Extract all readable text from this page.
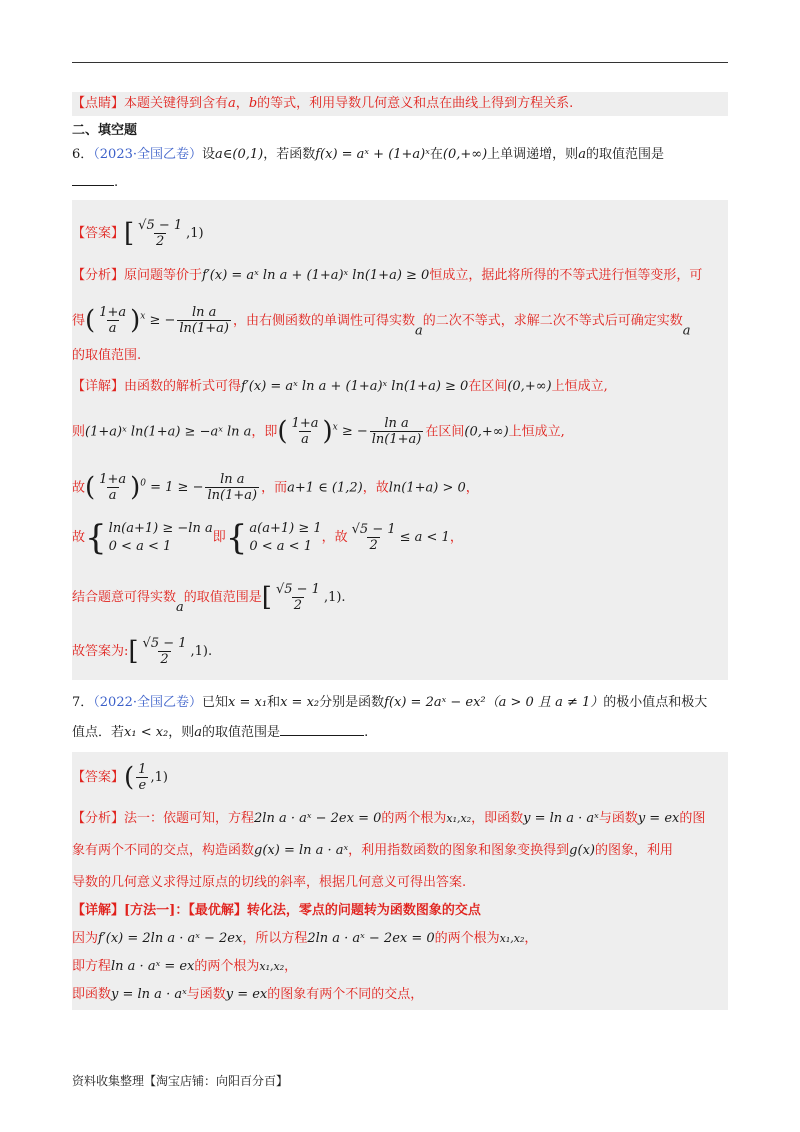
【点睛】本题关键得到含有a，b的等式，利用导数几何意义和点在曲线上得到方程关系.
二、填空题
6．（2023·全国乙卷）设a∈(0,1)，若函数f(x) = aˣ + (1+a)ˣ在(0,+∞)上单调递增，则a的取值范围是
.
【答案】[ $\frac{√5 - 1}{2} ,1$)
【分析】原问题等价于f′(x) = aˣ ln a + (1+a)ˣ ln(1+a) ≥ 0恒成立，据此将所得的不等式进行恒等变形，可
得( $\frac{1+a}{a} )^x$ ≥ − $\frac{\text{ln a}}{\ln(1+a)}$ ，由右侧函数的单调性可得实数a的二次不等式，求解二次不等式后可确定实数a
的取值范围.
【详解】由函数的解析式可得f′(x) = aˣ ln a + (1+a)ˣ ln(1+a) ≥ 0在区间(0,+∞)上恒成立,
则(1+a)ˣ ln(1+a) ≥ −aˣ ln a，即( $\frac{1+a}{a} )^x$ ≥ − $\frac{\text{ln a}}{\ln(1+a)}$ 在区间(0,+∞)上恒成立,
故( $\frac{1+a}{a} )^0 = 1$ ≥ − $\frac{\text{ln a}}{\ln(1+a)}$ ，而a+1 ∈ (1,2)，故ln(1+a) > 0，
故 { ln(a+1) ≥ −ln a
0 < a < 1
即 { a(a+1) ≥ 1
0 < a < 1
，故 $\frac{√5 - 1}{2} \le a < 1$，
结合题意可得实数a的取值范围是[ $\frac{√5 - 1}{2} ,1$).
故答案为:[ $\frac{√5 - 1}{2} ,1$).
7．（2022·全国乙卷）已知x = x₁和x = x₂分别是函数f(x) = 2aˣ − ex²（a > 0 且 a ≠ 1）的极小值点和极大
值点．若x₁ < x₂，则a的取值范围是	.
【答案】( $\frac{1}{e} ,1$)
【分析】法一：依题可知，方程2ln a · aˣ − 2ex = 0的两个根为x₁,x₂，即函数y = ln a · aˣ与函数y = ex的图
象有两个不同的交点，构造函数g(x) = ln a · aˣ，利用指数函数的图象和图象变换得到g(x)的图象，利用
导数的几何意义求得过原点的切线的斜率，根据几何意义可得出答案.
【详解】[方法一]：【最优解】转化法，零点的问题转为函数图象的交点
因为f′(x) = 2ln a · aˣ − 2ex，所以方程2ln a · aˣ − 2ex = 0的两个根为x₁,x₂，
即方程ln a · aˣ = ex的两个根为x₁,x₂，
即函数y = ln a · aˣ与函数y = ex的图象有两个不同的交点，
资料收集整理【淘宝店铺：向阳百分百】
